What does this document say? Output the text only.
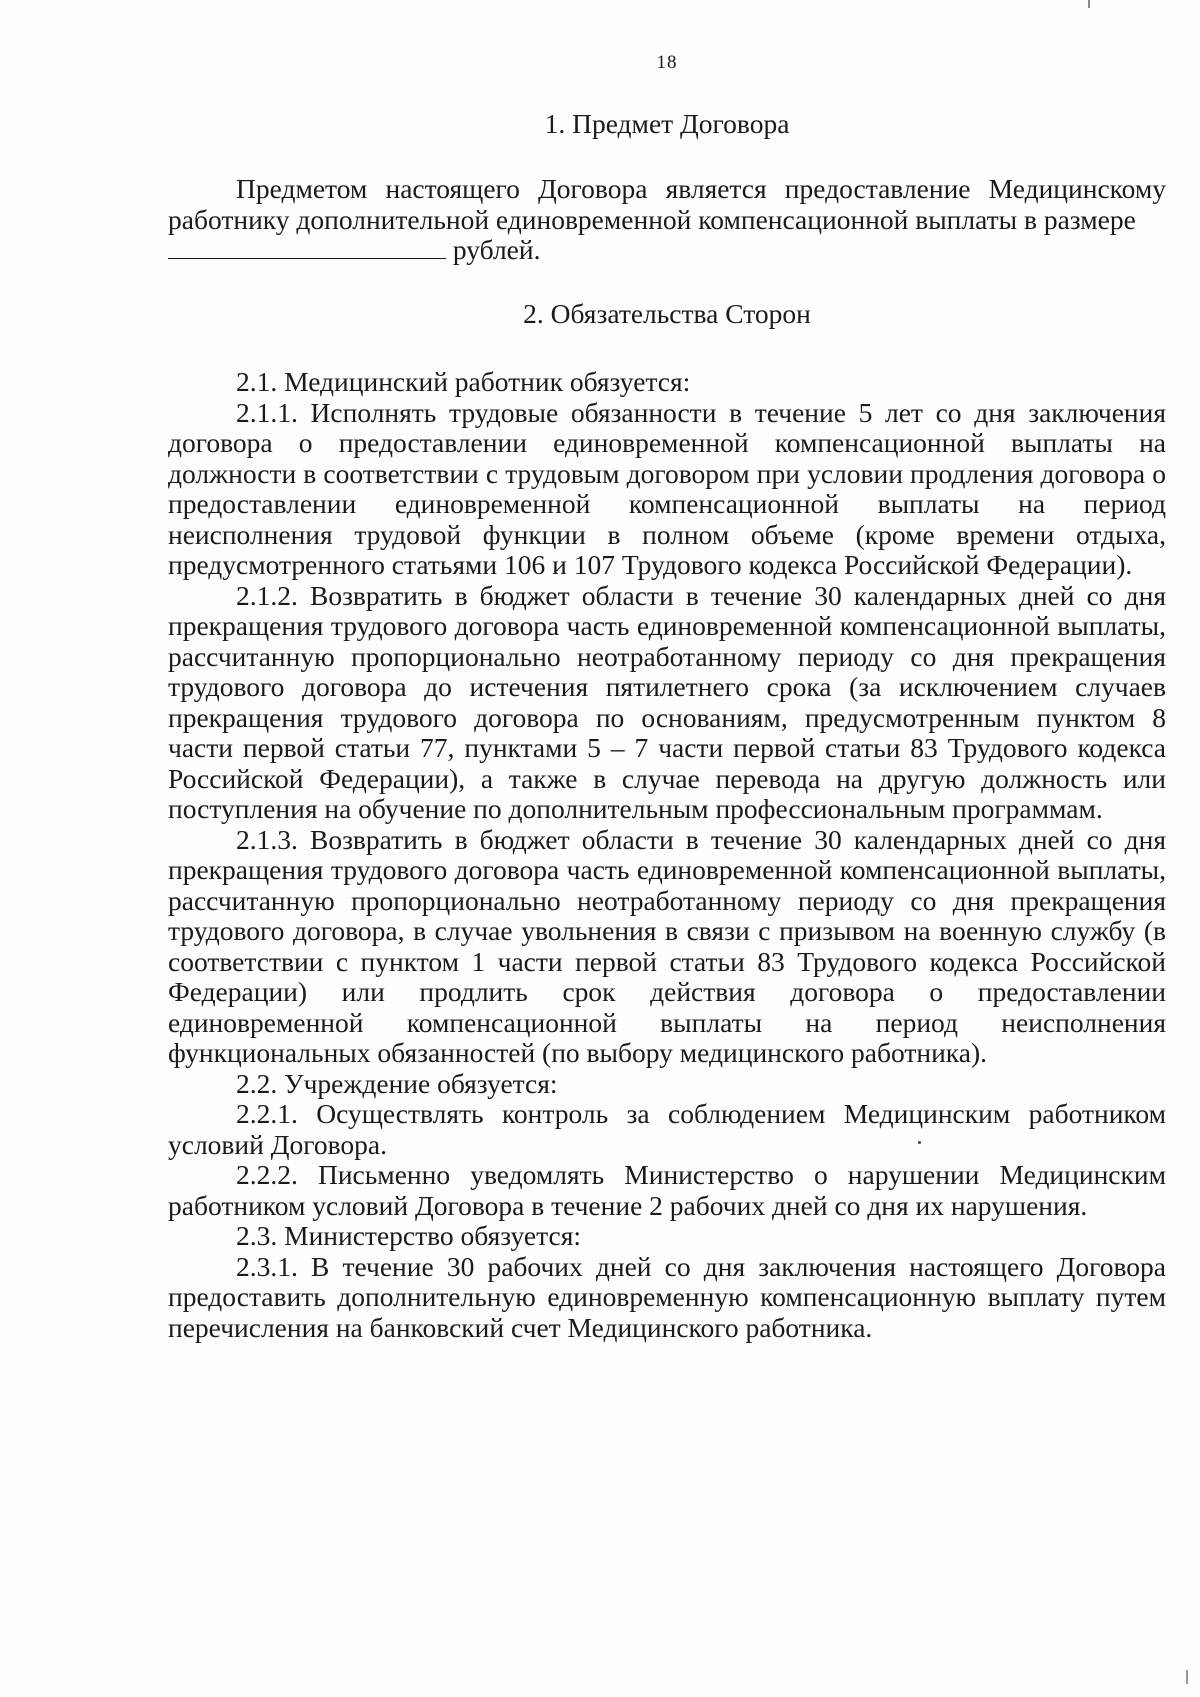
18
1. Предмет Договора

Предметом настоящего Договора является предоставление Медицинскому работнику дополнительной единовременной компенсационной выплаты в размере
рублей.

2. Обязательства Сторон

2.1. Медицинский работник обязуется:

2.1.1. Исполнять трудовые обязанности в течение 5 лет со дня заключения договора о предоставлении единовременной компенсационной выплаты на должности в соответствии с трудовым договором при условии продления договора о предоставлении единовременной компенсационной выплаты на период неисполнения трудовой функции в полном объеме (кроме времени отдыха, предусмотренного статьями 106 и 107 Трудового кодекса Российской Федерации).

2.1.2. Возвратить в бюджет области в течение 30 календарных дней со дня прекращения трудового договора часть единовременной компенсационной выплаты, рассчитанную пропорционально неотработанному периоду со дня прекращения трудового договора до истечения пятилетнего срока (за исключением случаев прекращения трудового договора по основаниям, предусмотренным пунктом 8 части первой статьи 77, пунктами 5 – 7 части первой статьи 83 Трудового кодекса Российской Федерации), а также в случае перевода на другую должность или поступления на обучение по дополнительным профессиональным программам.

2.1.3. Возвратить в бюджет области в течение 30 календарных дней со дня прекращения трудового договора часть единовременной компенсационной выплаты, рассчитанную пропорционально неотработанному периоду со дня прекращения трудового договора, в случае увольнения в связи с призывом на военную службу (в соответствии с пунктом 1 части первой статьи 83 Трудового кодекса Российской Федерации) или продлить срок действия договора о предоставлении единовременной компенсационной выплаты на период неисполнения функциональных обязанностей (по выбору медицинского работника).

2.2. Учреждение обязуется:

2.2.1. Осуществлять контроль за соблюдением Медицинским работником условий Договора.

2.2.2. Письменно уведомлять Министерство о нарушении Медицинским работником условий Договора в течение 2 рабочих дней со дня их нарушения.

2.3. Министерство обязуется:

2.3.1. В течение 30 рабочих дней со дня заключения настоящего Договора предоставить дополнительную единовременную компенсационную выплату путем перечисления на банковский счет Медицинского работника.
